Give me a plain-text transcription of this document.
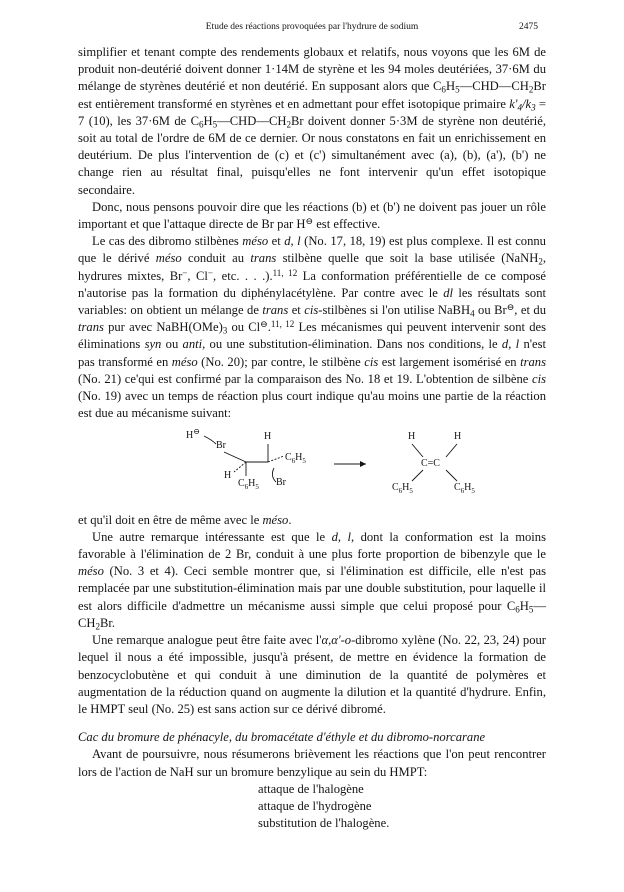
Etude des réactions provoquées par l'hydrure de sodium	2475

simplifier et tenant compte des rendements globaux et relatifs, nous voyons que les 6M de produit non-deutérié doivent donner 1·14M de styrène et les 94 moles deutériées, 37·6M du mélange de styrènes deutérié et non deutérié. En supposant alors que $C_6H_5—CHD—CH_2Br$ est entièrement transformé en styrènes et en admettant pour effet isotopique primaire $k'_4/k_3 = 7$ (10), les 37·6M de $C_6H_5—CHD—CH_2Br$ doivent donner 5·3M de styrène non deutérié, soit au total de l'ordre de 6M de ce dernier. Or nous constatons en fait un enrichissement en deutérium. De plus l'intervention de (c) et (c') simultanément avec (a), (b), (a'), (b') ne change rien au résultat final, puisqu'elles ne font intervenir qu'un effet isotopique secondaire.

Donc, nous pensons pouvoir dire que les réactions (b) et (b') ne doivent pas jouer un rôle important et que l'attaque directe de Br par H⊖ est effective.

Le cas des dibromo stilbènes méso et d, l (No. 17, 18, 19) est plus complexe. Il est connu que le dérivé méso conduit au trans stilbène quelle que soit la base utilisée (NaNH$_2$, hydrures mixtes, Br−, Cl−, etc. . . .).$^{11, 12}$ La conformation préférentielle de ce composé n'autorise pas la formation du diphénylacétylène. Par contre avec le dl les résultats sont variables: on obtient un mélange de trans et cis-stilbènes si l'on utilise NaBH$_4$ ou Br⊖, et du trans pur avec $NaBH(OMe)_3$ ou Cl⊖.$^{11, 12}$ Les mécanismes qui peuvent intervenir sont des éliminations syn ou anti, ou une substitution-élimination. Dans nos conditions, le d, l n'est pas transformé en méso (No. 20); par contre, le stilbène cis est largement isomérisé en trans (No. 21) ce'qui est confirmé par la comparaison des No. 18 et 19. L'obtention de silbène cis (No. 19) avec un temps de réaction plus court indique qu'au moins une partie de la réaction est due au mécanisme suivant:

H⊖
Br
H
$C_6H_5$
H
$C_6H_5$ Br
H	H
C=C
$C_6H_5$	$C_6H_5$

et qu'il doit en être de même avec le méso.

Une autre remarque intéressante est que le d, l, dont la conformation est la moins favorable à l'élimination de 2 Br, conduit à une plus forte proportion de bibenzyle que le méso (No. 3 et 4). Ceci semble montrer que, si l'élimination est difficile, elle n'est pas remplacée par une substitution-élimination mais par une double substitution, pour laquelle il est alors difficile d'admettre un mécanisme aussi simple que celui proposé pour $C_6H_5—CH_2Br$.

Une remarque analogue peut être faite avec l'α,α'-o-dibromo xylène (No. 22, 23, 24) pour lequel il nous a été impossible, jusqu'à présent, de mettre en évidence la formation de benzocyclobutène et qui conduit à une diminution de la quantité de polymères et augmentation de la réduction quand on augmente la dilution et la quantité d'hydrure. Enfin, le HMPT seul (No. 25) est sans action sur ce dérivé dibromé.

Cac du bromure de phénacyle, du bromacétate d'éthyle et du dibromo-norcarane

Avant de poursuivre, nous résumerons brièvement les réactions que l'on peut rencontrer lors de l'action de NaH sur un bromure benzylique au sein du HMPT:

attaque de l'halogène
attaque de l'hydrogène
substitution de l'halogène.
